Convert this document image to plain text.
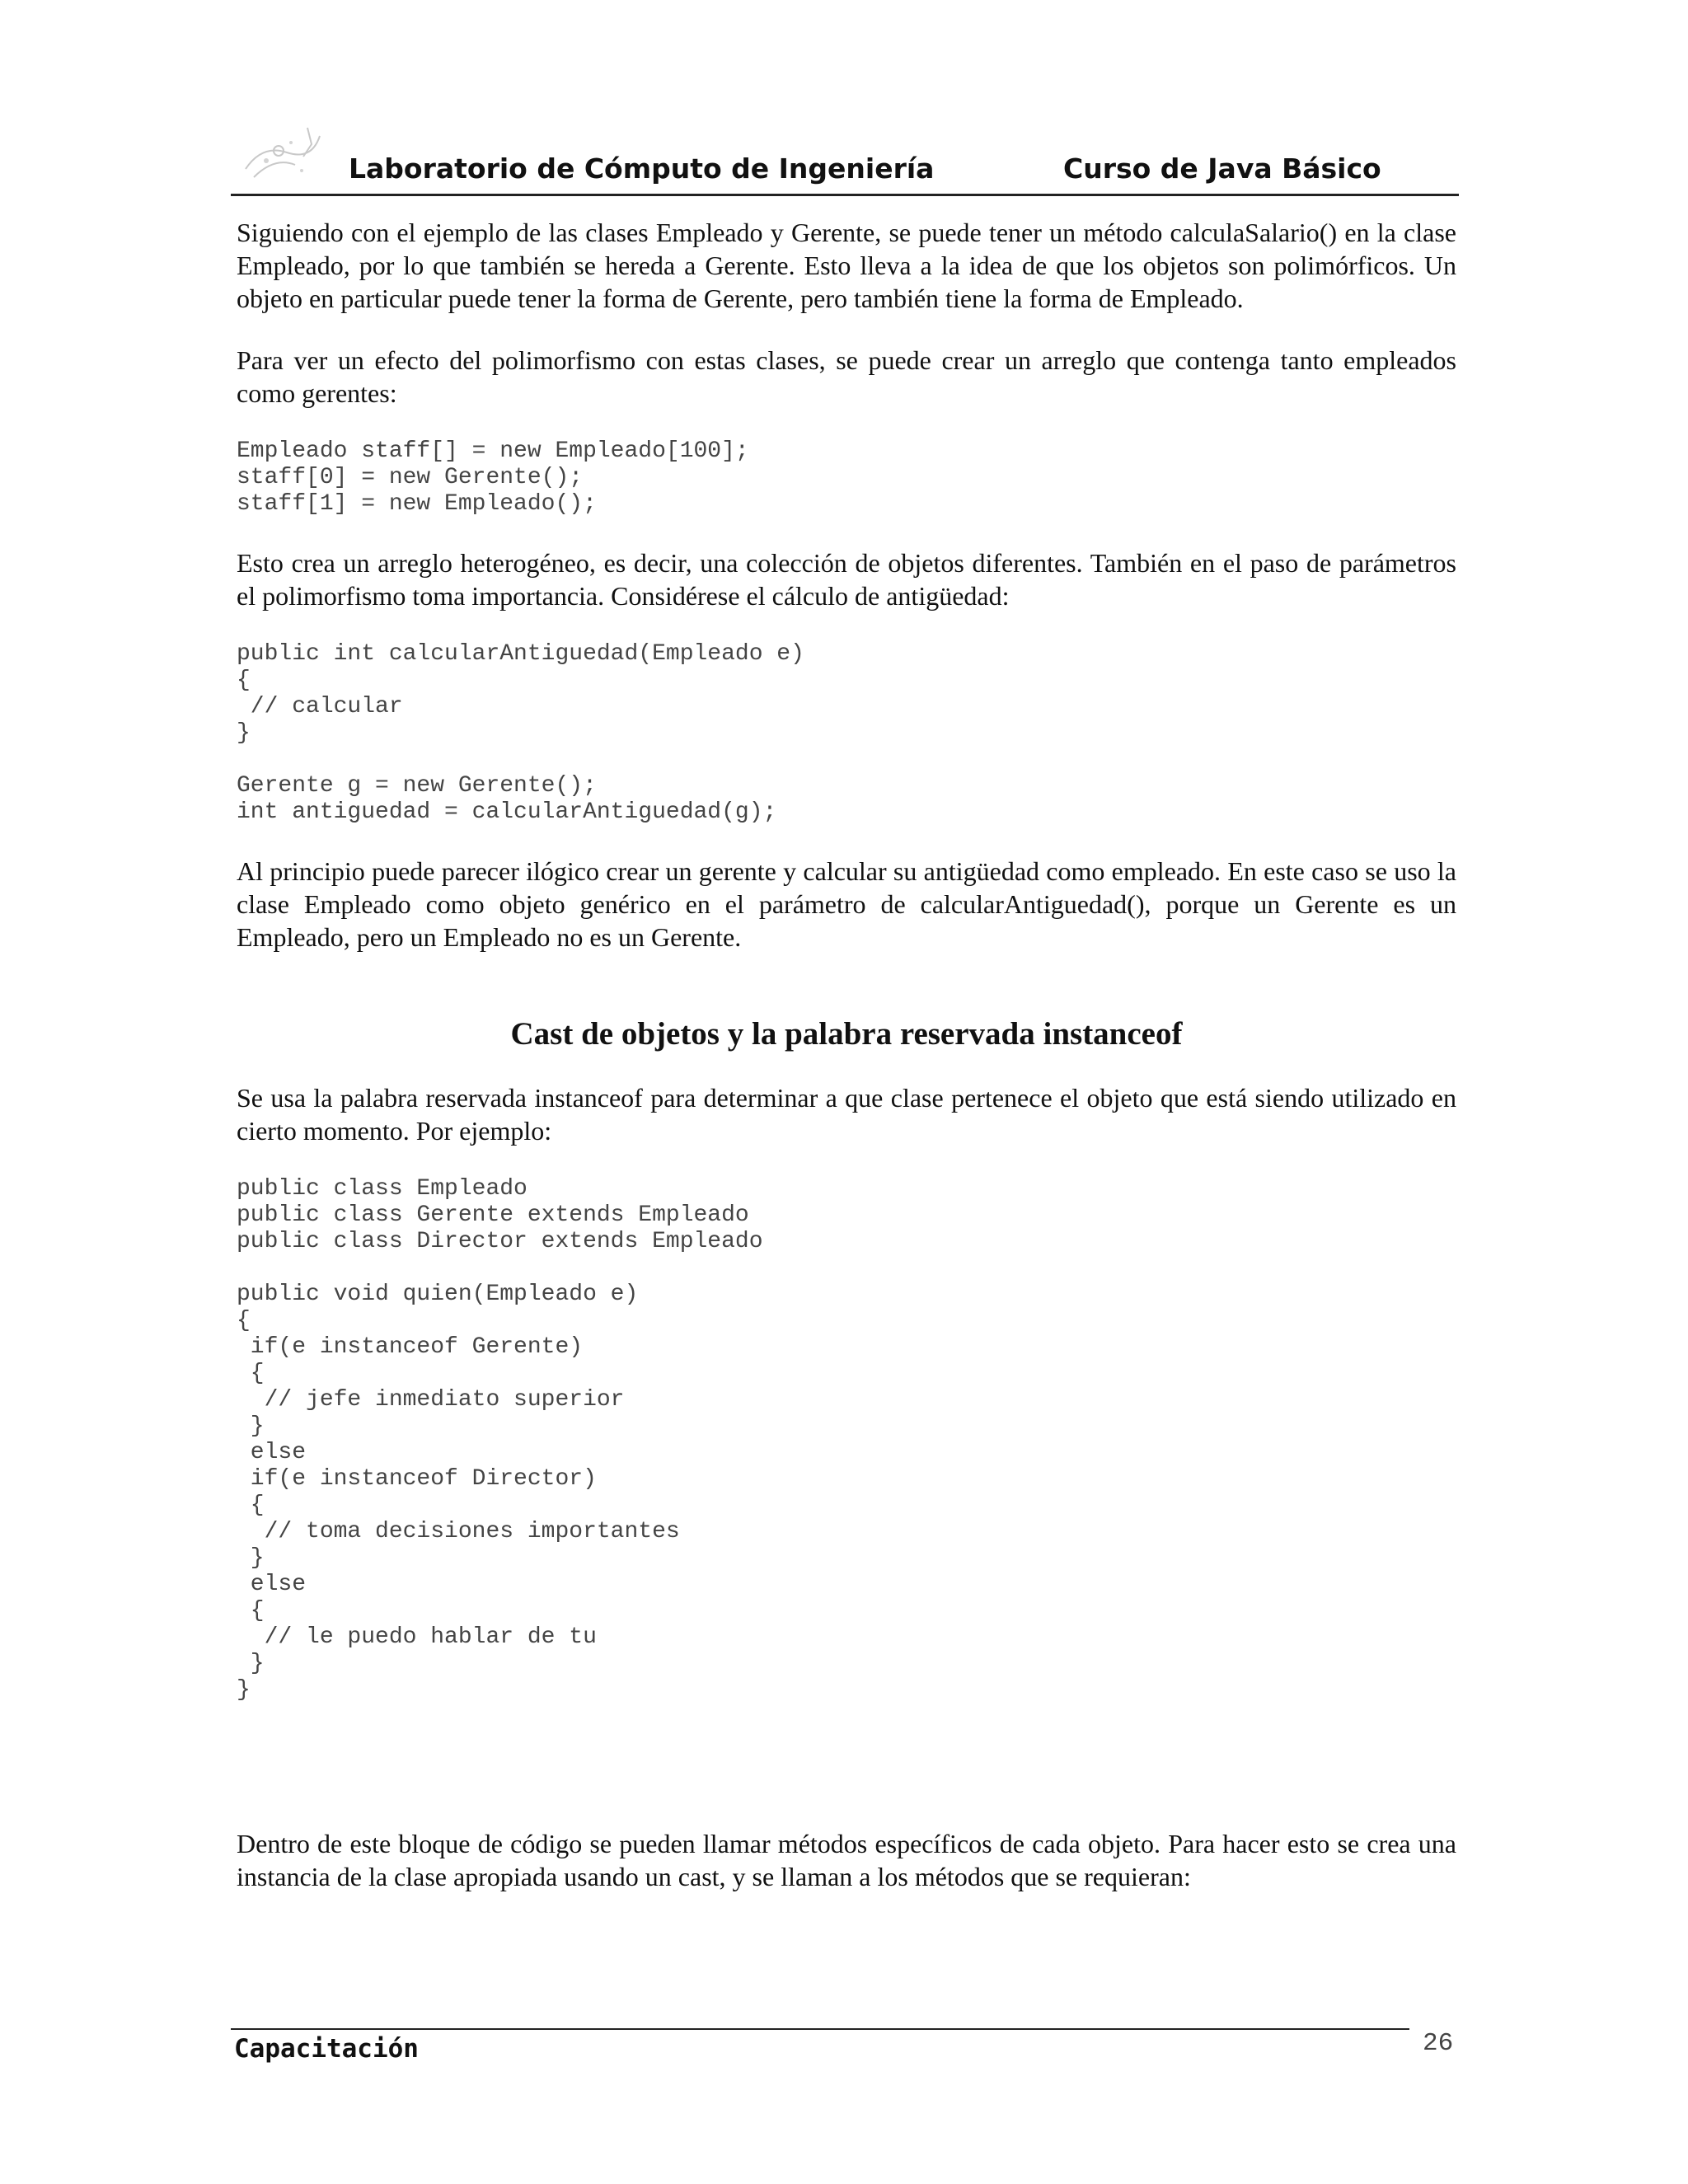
Laboratorio de Cómputo de Ingeniería	Curso de Java Básico

Siguiendo con el ejemplo de las clases Empleado y Gerente, se puede tener un método calculaSalario() en la clase Empleado, por lo que también se hereda a Gerente. Esto lleva a la idea de que los objetos son polimórficos. Un objeto en particular puede tener la forma de Gerente, pero también tiene la forma de Empleado.

Para ver un efecto del polimorfismo con estas clases, se puede crear un arreglo que contenga tanto empleados como gerentes:

Empleado staff[] = new Empleado[100];
staff[0] = new Gerente();
staff[1] = new Empleado();

Esto crea un arreglo heterogéneo, es decir, una colección de objetos diferentes. También en el paso de parámetros el polimorfismo toma importancia. Considérese el cálculo de antigüedad:

public int calcularAntiguedad(Empleado e)
{
// calcular
}

Gerente g = new Gerente();
int antiguedad = calcularAntiguedad(g);

Al principio puede parecer ilógico crear un gerente y calcular su antigüedad como empleado. En este caso se uso la clase Empleado como objeto genérico en el parámetro de calcularAntiguedad(), porque un Gerente es un Empleado, pero un Empleado no es un Gerente.

Cast de objetos y la palabra reservada instanceof

Se usa la palabra reservada instanceof para determinar a que clase pertenece el objeto que está siendo utilizado en cierto momento. Por ejemplo:

public class Empleado
public class Gerente extends Empleado
public class Director extends Empleado

public void quien(Empleado e)
{
if(e instanceof Gerente)
{
// jefe inmediato superior
}
else
if(e instanceof Director)
{
// toma decisiones importantes
}
else
{
// le puedo hablar de tu
}
}

Dentro de este bloque de código se pueden llamar métodos específicos de cada objeto. Para hacer esto se crea una instancia de la clase apropiada usando un cast, y se llaman a los métodos que se requieran:

Capacitación	26
